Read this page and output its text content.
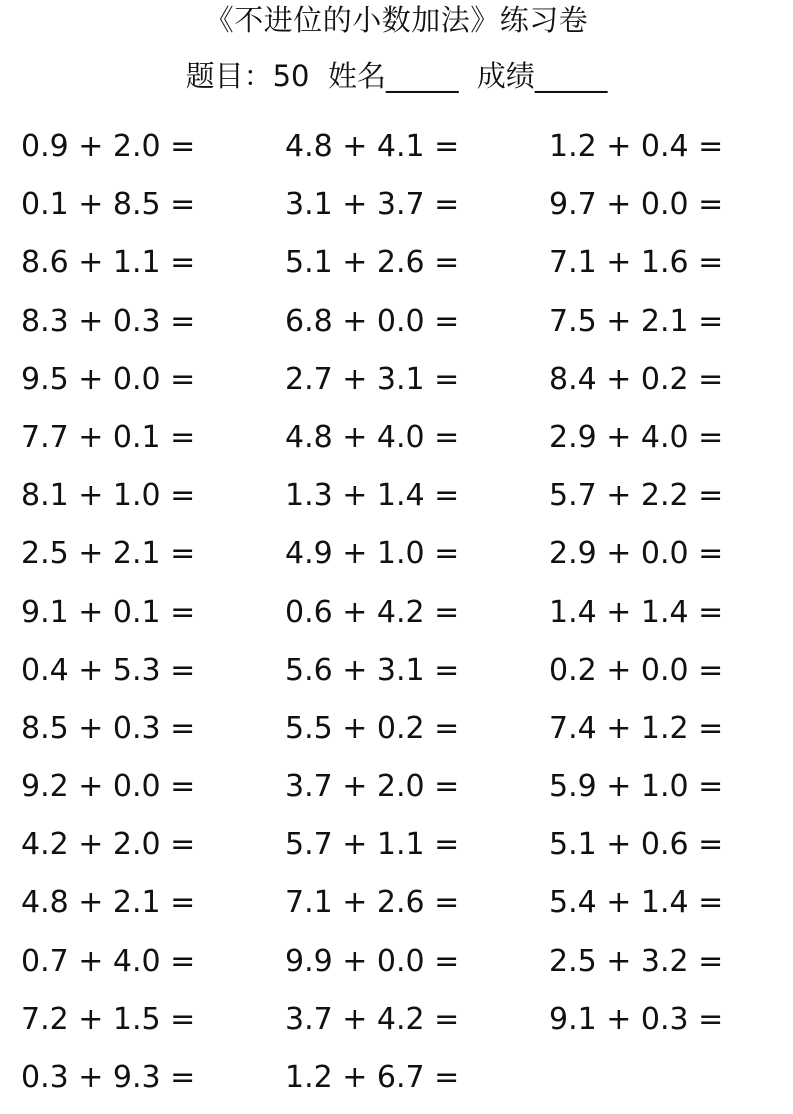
《不进位的小数加法》练习卷
题目：50 姓名_____ 成绩_____
0.9 + 2.0 =	4.8 + 4.1 =	1.2 + 0.4 =
0.1 + 8.5 =	3.1 + 3.7 =	9.7 + 0.0 =
8.6 + 1.1 =	5.1 + 2.6 =	7.1 + 1.6 =
8.3 + 0.3 =	6.8 + 0.0 =	7.5 + 2.1 =
9.5 + 0.0 =	2.7 + 3.1 =	8.4 + 0.2 =
7.7 + 0.1 =	4.8 + 4.0 =	2.9 + 4.0 =
8.1 + 1.0 =	1.3 + 1.4 =	5.7 + 2.2 =
2.5 + 2.1 =	4.9 + 1.0 =	2.9 + 0.0 =
9.1 + 0.1 =	0.6 + 4.2 =	1.4 + 1.4 =
0.4 + 5.3 =	5.6 + 3.1 =	0.2 + 0.0 =
8.5 + 0.3 =	5.5 + 0.2 =	7.4 + 1.2 =
9.2 + 0.0 =	3.7 + 2.0 =	5.9 + 1.0 =
4.2 + 2.0 =	5.7 + 1.1 =	5.1 + 0.6 =
4.8 + 2.1 =	7.1 + 2.6 =	5.4 + 1.4 =
0.7 + 4.0 =	9.9 + 0.0 =	2.5 + 3.2 =
7.2 + 1.5 =	3.7 + 4.2 =	9.1 + 0.3 =
0.3 + 9.3 =	1.2 + 6.7 =
